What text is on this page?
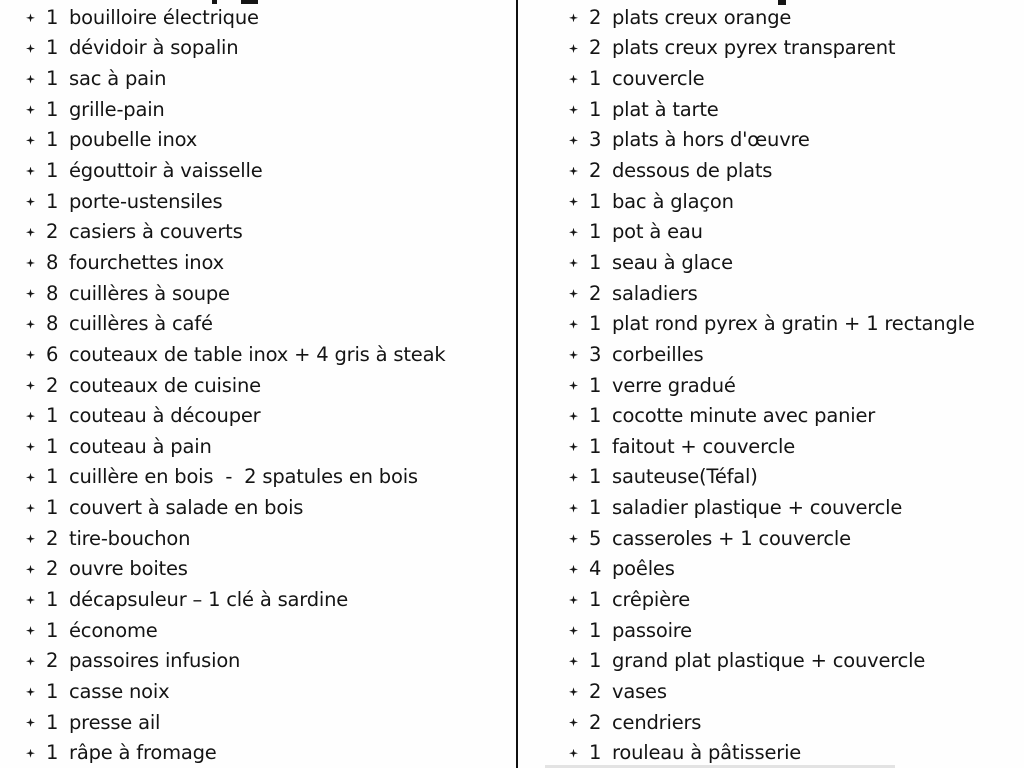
1 bouilloire électrique
1 dévidoir à sopalin
1 sac à pain
1 grille-pain
1 poubelle inox
1 égouttoir à vaisselle
1 porte-ustensiles
2 casiers à couverts
8 fourchettes inox
8 cuillères à soupe
8 cuillères à café
6 couteaux de table inox + 4 gris à steak
2 couteaux de cuisine
1 couteau à découper
1 couteau à pain
1 cuillère en bois  -  2 spatules en bois
1 couvert à salade en bois
2 tire-bouchon
2 ouvre boites
1 décapsuleur – 1 clé à sardine
1 économe
2 passoires infusion
1 casse noix
1 presse ail
1 râpe à fromage
2 plats creux orange
2 plats creux pyrex transparent
1 couvercle
1 plat à tarte
3 plats à hors d'œuvre
2 dessous de plats
1 bac à glaçon
1 pot à eau
1 seau à glace
2 saladiers
1 plat rond pyrex à gratin + 1 rectangle
3 corbeilles
1 verre gradué
1 cocotte minute avec panier
1 faitout + couvercle
1 sauteuse(Téfal)
1 saladier plastique + couvercle
5 casseroles + 1 couvercle
4 poêles
1 crêpière
1 passoire
1 grand plat plastique + couvercle
2 vases
2 cendriers
1 rouleau à pâtisserie
